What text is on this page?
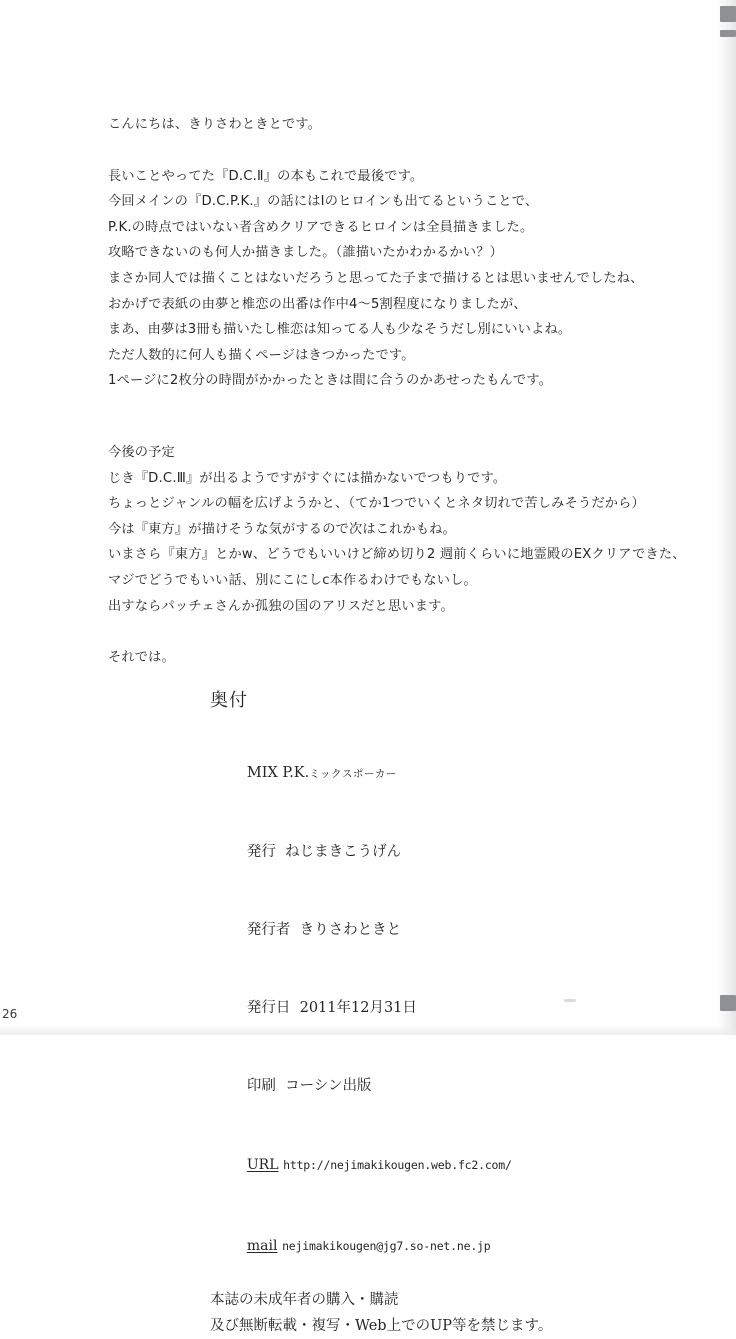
こんにちは、きりさわときとです。
長いことやってた『D.C.Ⅱ』の本もこれで最後です。
今回メインの『D.C.P.K.』の話にはⅠのヒロインも出てるということで、
P.K.の時点ではいない者含めクリアできるヒロインは全員描きました。
攻略できないのも何人か描きました。（誰描いたかわかるかい？）
まさか同人では描くことはないだろうと思ってた子まで描けるとは思いませんでしたね、
おかげで表紙の由夢と椎恋の出番は作中4〜5割程度になりましたが、
まあ、由夢は3冊も描いたし椎恋は知ってる人も少なそうだし別にいいよね。
ただ人数的に何人も描くページはきつかったです。
1ページに2枚分の時間がかかったときは間に合うのかあせったもんです。
今後の予定
じき『D.C.Ⅲ』が出るようですがすぐには描かないでつもりです。
ちょっとジャンルの幅を広げようかと、（てか1つでいくとネタ切れで苦しみそうだから）
今は『東方』が描けそうな気がするので次はこれかもね。
いまさら『東方』とかw、どうでもいいけど締め切り2 週前くらいに地霊殿のEXクリアできた、
マジでどうでもいい話、別にこにしс本作るわけでもないし。
出すならパッチェさんか孤独の国のアリスだと思います。
それでは。
奥付

MIX P.K.ミックスポーカー

発行 ねじまきこうげん

発行者 きりさわときと

発行日 2011年12月31日

印刷 コーシン出版

URL http://nejimakikougen.web.fc2.com/

mail nejimakikougen@jg7.so-net.ne.jp

本誌の未成年者の購入・購読
及び無断転載・複写・Web上でのUP等を禁じます。
26
